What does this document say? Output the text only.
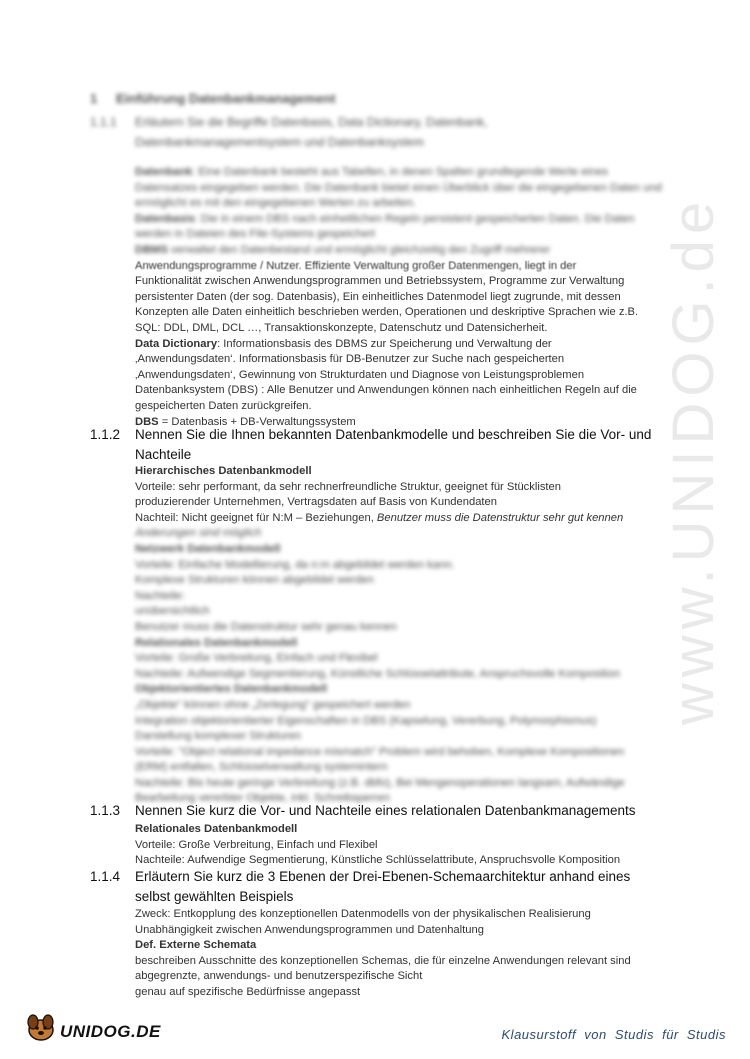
www.UNIDOG.de
1 Einführung Datenbankmanagement
1.1.1 Erläutern Sie die Begriffe Datenbasis, Data Dictionary, Datenbank, Datenbankmanagementsystem und Datenbanksystem
Datenbank: Eine Datenbank besteht aus Tabellen, in denen Spalten grundlegende Werte eines Datensatzes eingegeben werden. Die Datenbank bietet einen Überblick über die eingegebenen Daten und ermöglicht es mit den eingegebenen Werten zu arbeiten.
Datenbasis: Die in einem DBS nach einheitlichen Regeln persistent gespeicherten Daten. Die Daten werden in Dateien des File-Systems gespeichert
DBMS verwaltet den Datenbestand und ermöglicht gleichzeitig den Zugriff mehrerer
Anwendungsprogramme / Nutzer. Effiziente Verwaltung großer Datenmengen, liegt in der
Funktionalität zwischen Anwendungsprogrammen und Betriebssystem, Programme zur Verwaltung
persistenter Daten (der sog. Datenbasis), Ein einheitliches Datenmodel liegt zugrunde, mit dessen
Konzepten alle Daten einheitlich beschrieben werden, Operationen und deskriptive Sprachen wie z.B.
SQL: DDL, DML, DCL …, Transaktionskonzepte, Datenschutz und Datensicherheit.
Data Dictionary: Informationsbasis des DBMS zur Speicherung und Verwaltung der
‚Anwendungsdaten‘. Informationsbasis für DB-Benutzer zur Suche nach gespeicherten
‚Anwendungsdaten‘, Gewinnung von Strukturdaten und Diagnose von Leistungsproblemen
Datenbanksystem (DBS) : Alle Benutzer und Anwendungen können nach einheitlichen Regeln auf die
gespeicherten Daten zurückgreifen.
DBS = Datenbasis + DB-Verwaltungssystem
1.1.2 Nennen Sie die Ihnen bekannten Datenbankmodelle und beschreiben Sie die Vor- und Nachteile
Hierarchisches Datenbankmodell
Vorteile: sehr performant, da sehr rechnerfreundliche Struktur, geeignet für Stücklisten
produzierender Unternehmen, Vertragsdaten auf Basis von Kundendaten
Nachteil: Nicht geeignet für N:M – Beziehungen, Benutzer muss die Datenstruktur sehr gut kennen
Änderungen sind möglich
Netzwerk Datenbankmodell
Vorteile: Einfache Modellierung, da n:m abgebildet werden kann.
Komplexe Strukturen können abgebildet werden
Nachteile:
unübersichtlich
Benutzer muss die Datenstruktur sehr genau kennen
Relationales Datenbankmodell
Vorteile: Große Verbreitung, Einfach und Flexibel
Nachteile: Aufwendige Segmentierung, Künstliche Schlüsselattribute, Anspruchsvolle Komposition
Objektorientiertes Datenbankmodell
„Objekte“ können ohne „Zerlegung“ gespeichert werden
Integration objektorientierter Eigenschaften in DBS (Kapselung, Vererbung, Polymorphismus)
Darstellung komplexer Strukturen
Vorteile: "Object relational impedance mismatch" Problem wird behoben, Komplexe Kompositionen
(ERM) entfallen, Schlüsselverwaltung systemintern
Nachteile: Bis heute geringe Verbreitung (z.B. dbfo), Bei Mengenoperationen langsam, Aufwändige
Bearbeitung vererbter Objekte, inkl. Schreibsperren
1.1.3 Nennen Sie kurz die Vor- und Nachteile eines relationalen Datenbankmanagements
Relationales Datenbankmodell
Vorteile: Große Verbreitung, Einfach und Flexibel
Nachteile: Aufwendige Segmentierung, Künstliche Schlüsselattribute, Anspruchsvolle Komposition
1.1.4 Erläutern Sie kurz die 3 Ebenen der Drei-Ebenen-Schemaarchitektur anhand eines selbst gewählten Beispiels
Zweck: Entkopplung des konzeptionellen Datenmodells von der physikalischen Realisierung
Unabhängigkeit zwischen Anwendungsprogrammen und Datenhaltung
Def. Externe Schemata
beschreiben Ausschnitte des konzeptionellen Schemas, die für einzelne Anwendungen relevant sind
abgegrenzte, anwendungs- und benutzerspezifische Sicht
genau auf spezifische Bedürfnisse angepasst
UNIDOG.DE	Klausurstoff von Studis für Studis
